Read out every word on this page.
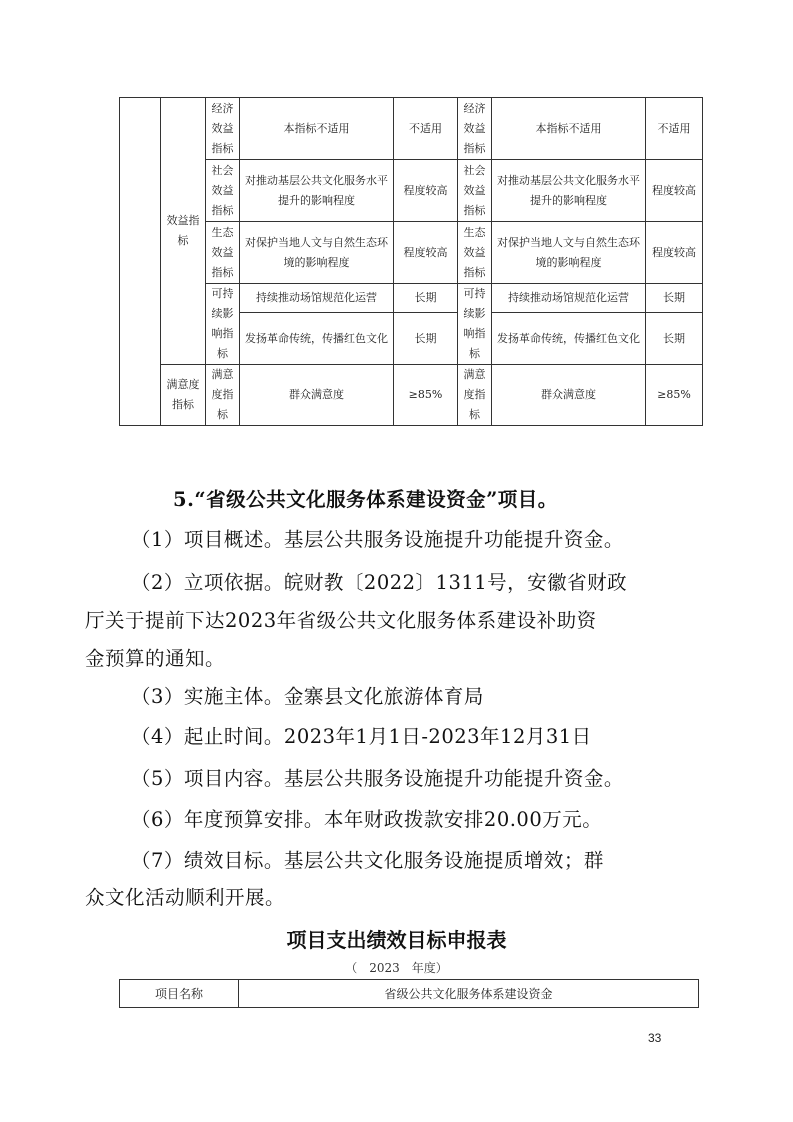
	效益指标	经济效益指标	本指标不适用	不适用	经济效益指标	本指标不适用	不适用
		社会效益指标	对推动基层公共文化服务水平提升的影响程度	程度较高	社会效益指标	对推动基层公共文化服务水平提升的影响程度	程度较高
		生态效益指标	对保护当地人文与自然生态环境的影响程度	程度较高	生态效益指标	对保护当地人文与自然生态环境的影响程度	程度较高
		可持续影响指标	持续推动场馆规范化运营	长期	可持续影响指标	持续推动场馆规范化运营	长期
			发扬革命传统，传播红色文化	长期		发扬革命传统，传播红色文化	长期
	满意度指标	满意度指标	群众满意度	≥85%	满意度指标	群众满意度	≥85%

5.“省级公共文化服务体系建设资金”项目。

（1）项目概述。基层公共服务设施提升功能提升资金。

（2）立项依据。皖财教〔2022〕1311号，安徽省财政

厅关于提前下达2023年省级公共文化服务体系建设补助资

金预算的通知。

（3）实施主体。金寨县文化旅游体育局

（4）起止时间。2023年1月1日-2023年12月31日

（5）项目内容。基层公共服务设施提升功能提升资金。

（6）年度预算安排。本年财政拨款安排20.00万元。

（7）绩效目标。基层公共文化服务设施提质增效；群

众文化活动顺利开展。

项目支出绩效目标申报表
（　2023　年度）
项目名称	省级公共文化服务体系建设资金
33
